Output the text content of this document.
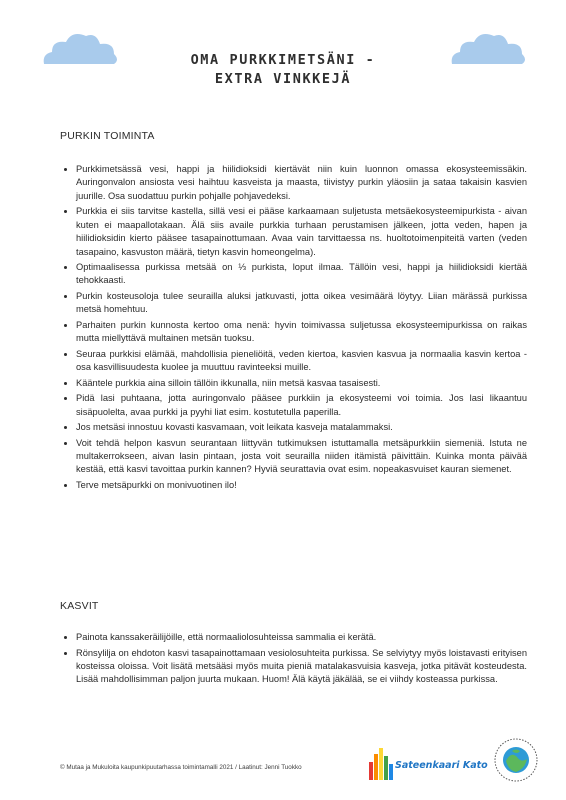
OMA PURKKIMETSÄNI -
EXTRA VINKKEJÄ
PURKIN TOIMINTA
• Purkkimetsässä vesi, happi ja hiilidioksidi kiertävät niin kuin luonnon omassa ekosysteemissäkin. Auringonvalon ansiosta vesi haihtuu kasveista ja maasta, tiivistyy purkin yläosiin ja sataa takaisin kasvien juurille. Osa suodattuu purkin pohjalle pohjavedeksi.
• Purkkia ei siis tarvitse kastella, sillä vesi ei pääse karkaamaan suljetusta metsäekosysteemipurkista - aivan kuten ei maapallotakaan. Älä siis availe purkkia turhaan perustamisen jälkeen, jotta veden, hapen ja hiilidioksidin kierto pääsee tasapainottumaan. Avaa vain tarvittaessa ns. huoltotoimenpiteitä varten (veden tasapaino, kasvuston määrä, tietyn kasvin homeongelma).
• Optimaalisessa purkissa metsää on ⅓ purkista, loput ilmaa. Tällöin vesi, happi ja hiilidioksidi kiertää tehokkaasti.
• Purkin kosteusoloja tulee seurailla aluksi jatkuvasti, jotta oikea vesimäärä löytyy. Liian märässä purkissa metsä homehtuu.
• Parhaiten purkin kunnosta kertoo oma nenä: hyvin toimivassa suljetussa ekosysteemipurkissa on raikas mutta miellyttävä multainen metsän tuoksu.
• Seuraa purkkisi elämää, mahdollisia pieneliöitä, veden kiertoa, kasvien kasvua ja normaalia kasvin kertoa - osa kasvillisuudesta kuolee ja muuttuu ravinteeksi muille.
• Kääntele purkkia aina silloin tällöin ikkunalla, niin metsä kasvaa tasaisesti.
• Pidä lasi puhtaana, jotta auringonvalo pääsee purkkiin ja ekosysteemi voi toimia. Jos lasi likaantuu sisäpuolelta, avaa purkki ja pyyhi liat esim. kostutetulla paperilla.
• Jos metsäsi innostuu kovasti kasvamaan, voit leikata kasveja matalammaksi.
• Voit tehdä helpon kasvun seurantaan liittyvän tutkimuksen istuttamalla metsäpurkkiin siemeniä. Istuta ne multakerrokseen, aivan lasin pintaan, josta voit seurailla niiden itämistä päivittäin. Kuinka monta päivää kestää, että kasvi tavoittaa purkin kannen? Hyviä seurattavia ovat esim. nopeakasvuiset kauran siemenet.
• Terve metsäpurkki on monivuotinen ilo!
KASVIT
• Painota kanssakeräilijöille, että normaaliolosuhteissa sammalia ei kerätä.
• Rönsylilja on ehdoton kasvi tasapainottamaan vesiolosuhteita purkissa. Se selviytyy myös loistavasti erityisen kosteissa oloissa. Voit lisätä metsääsi myös muita pieniä matalakasvuisia kasveja, jotka pitävät kosteudesta. Lisää mahdollisimman paljon juurta mukaan. Huom! Älä käytä jäkälää, se ei viihdy kosteassa purkissa.
© Mutaa ja Mukuloita kaupunkipuutarhassa toimintamalli 2021 / Laatinut: Jenni Tuokko	Sateenkaari Kato
